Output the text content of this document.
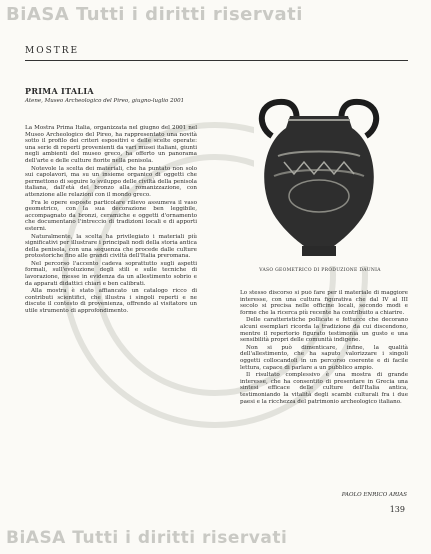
BiASA Tutti i diritti riservati
MOSTRE

PRIMA ITALIA

Atene, Museo Archeologico del Pireo, giugno-luglio 2001

La Mostra Prima Italia, organizzata nel giugno del 2001 nel Museo Archeologico del Pireo, ha rappresentato una novità sotto il profilo dei criteri espositivi e delle scelte operate: una serie di reperti provenienti da vari musei italiani, giunti negli ambienti del museo greco, ha offerto un panorama dell'arte e delle culture fiorite nella penisola.

Notevole la scelta dei materiali, che ha puntato non solo sui capolavori, ma su un insieme organico di oggetti che permettono di seguire lo sviluppo delle civiltà della penisola italiana, dall'età del bronzo alla romanizzazione, con attenzione alle relazioni con il mondo greco.

Fra le opere esposte particolare rilievo assumeva il vaso geometrico, con la sua decorazione ben leggibile, accompagnato da bronzi, ceramiche e oggetti d'ornamento che documentano l'intreccio di tradizioni locali e di apporti esterni.

Naturalmente, la scelta ha privilegiato i materiali più significativi per illustrare i principali nodi della storia antica della penisola, con una sequenza che procede dalle culture protostoriche fino alle grandi civiltà dell'Italia preromana.

Nel percorso l'accento cadeva soprattutto sugli aspetti formali, sull'evoluzione degli stili e sulle tecniche di lavorazione, messe in evidenza da un allestimento sobrio e da apparati didattici chiari e ben calibrati.

Alla mostra è stato affiancato un catalogo ricco di contributi scientifici, che illustra i singoli reperti e ne discute il contesto di provenienza, offrendo al visitatore un utile strumento di approfondimento.

VASO GEOMETRICO DI PRODUZIONE DAUNIA

Lo stesso discorso si può fare per il materiale di maggiore interesse, con una cultura figurativa che dal IV al III secolo si precisa nelle officine locali, secondo modi e forme che la ricerca più recente ha contribuito a chiarire.

Delle caratteristiche pollicate e fettucce che decorano alcuni esemplari ricorda la tradizione da cui discendono, mentre il repertorio figurato testimonia un gusto e una sensibilità propri delle comunità indigene.

Non si può dimenticare, infine, la qualità dell'allestimento, che ha saputo valorizzare i singoli oggetti collocandoli in un percorso coerente e di facile lettura, capace di parlare a un pubblico ampio.

Il risultato complessivo è una mostra di grande interesse, che ha consentito di presentare in Grecia una sintesi efficace delle culture dell'Italia antica, testimoniando la vitalità degli scambi culturali fra i due paesi e la ricchezza del patrimonio archeologico italiano.

PAOLO ENRICO ARIAS
139
BiASA Tutti i diritti riservati
